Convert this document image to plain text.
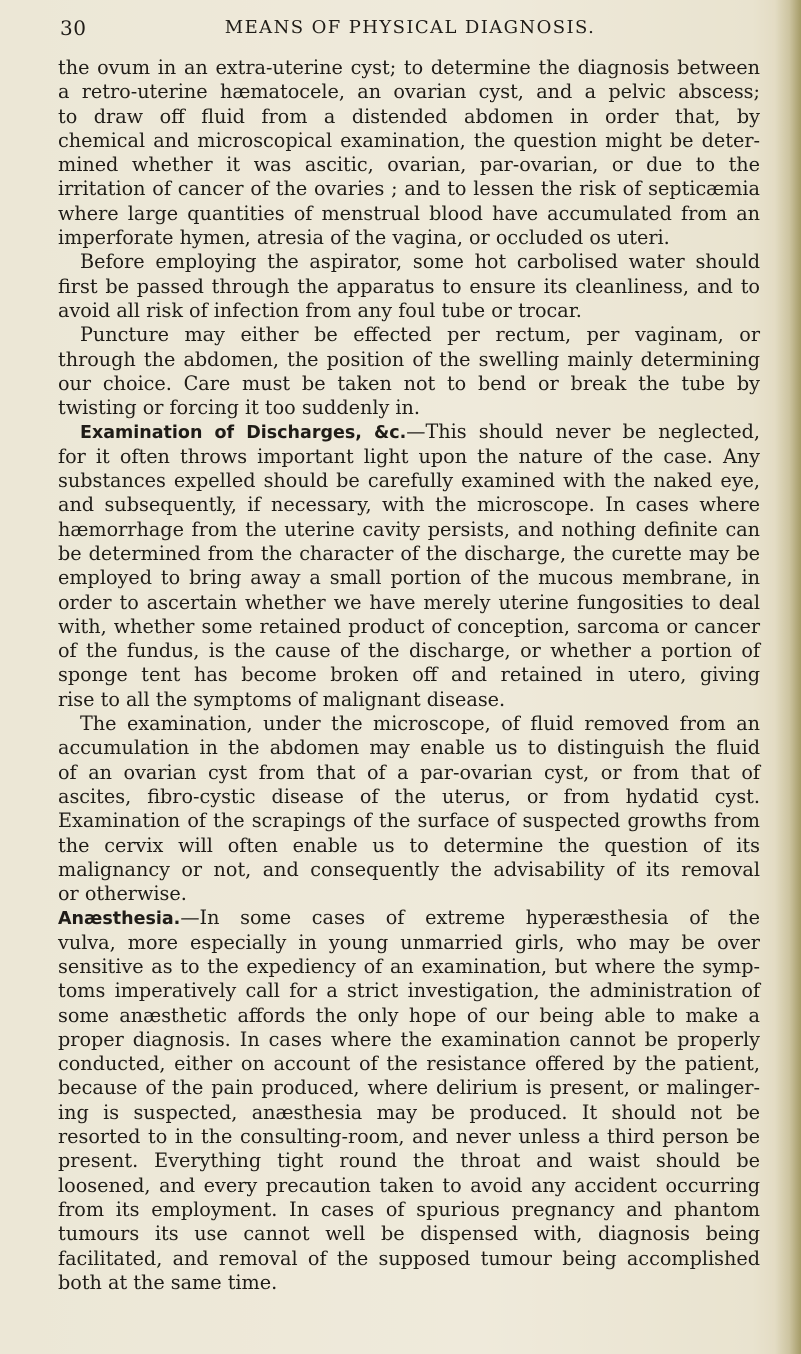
30	MEANS OF PHYSICAL DIAGNOSIS.
the ovum in an extra-uterine cyst; to determine the diagnosis between
a retro-uterine hæmatocele, an ovarian cyst, and a pelvic abscess;
to draw off fluid from a distended abdomen in order that, by
chemical and microscopical examination, the question might be deter-
mined whether it was ascitic, ovarian, par-ovarian, or due to the
irritation of cancer of the ovaries ; and to lessen the risk of septicæmia
where large quantities of menstrual blood have accumulated from an
imperforate hymen, atresia of the vagina, or occluded os uteri.
Before employing the aspirator, some hot carbolised water should
first be passed through the apparatus to ensure its cleanliness, and to
avoid all risk of infection from any foul tube or trocar.
Puncture may either be effected per rectum, per vaginam, or
through the abdomen, the position of the swelling mainly determining
our choice. Care must be taken not to bend or break the tube by
twisting or forcing it too suddenly in.
Examination of Discharges, &c.—This should never be neglected,
for it often throws important light upon the nature of the case. Any
substances expelled should be carefully examined with the naked eye,
and subsequently, if necessary, with the microscope. In cases where
hæmorrhage from the uterine cavity persists, and nothing definite can
be determined from the character of the discharge, the curette may be
employed to bring away a small portion of the mucous membrane, in
order to ascertain whether we have merely uterine fungosities to deal
with, whether some retained product of conception, sarcoma or cancer
of the fundus, is the cause of the discharge, or whether a portion of
sponge tent has become broken off and retained in utero, giving
rise to all the symptoms of malignant disease.
The examination, under the microscope, of fluid removed from an
accumulation in the abdomen may enable us to distinguish the fluid
of an ovarian cyst from that of a par-ovarian cyst, or from that of
ascites, fibro-cystic disease of the uterus, or from hydatid cyst.
Examination of the scrapings of the surface of suspected growths from
the cervix will often enable us to determine the question of its
malignancy or not, and consequently the advisability of its removal
or otherwise.
Anæsthesia.—In some cases of extreme hyperæsthesia of the
vulva, more especially in young unmarried girls, who may be over
sensitive as to the expediency of an examination, but where the symp-
toms imperatively call for a strict investigation, the administration of
some anæsthetic affords the only hope of our being able to make a
proper diagnosis. In cases where the examination cannot be properly
conducted, either on account of the resistance offered by the patient,
because of the pain produced, where delirium is present, or malinger-
ing is suspected, anæsthesia may be produced. It should not be
resorted to in the consulting-room, and never unless a third person be
present. Everything tight round the throat and waist should be
loosened, and every precaution taken to avoid any accident occurring
from its employment. In cases of spurious pregnancy and phantom
tumours its use cannot well be dispensed with, diagnosis being
facilitated, and removal of the supposed tumour being accomplished
both at the same time.
